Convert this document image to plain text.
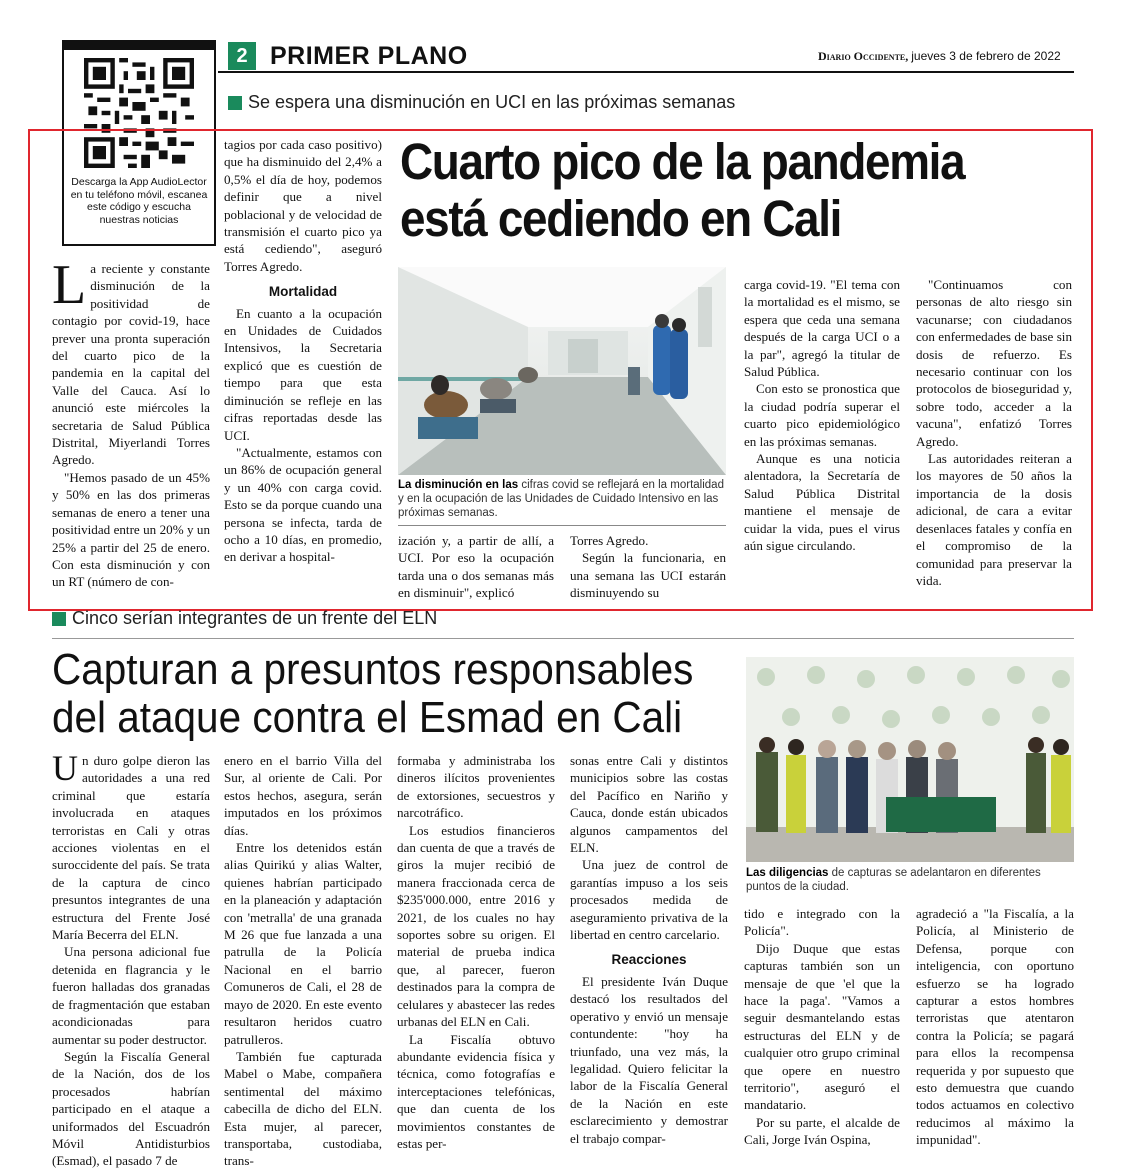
2 PRIMER PLANO	Diario Occidente, jueves 3 de febrero de 2022
Descarga la App AudioLector en tu teléfono móvil, escanea este código y escucha nuestras noticias
Se espera una disminución en UCI en las próximas semanas
Cuarto pico de la pandemia
está cediendo en Cali
L a reciente y constante disminución de la positividad de contagio por covid-19, hace prever una pronta superación del cuarto pico de la pandemia en la capital del Valle del Cauca. Así lo anunció este miércoles la secretaria de Salud Pública Distrital, Miyerlandi Torres Agredo.

"Hemos pasado de un 45% y 50% en las dos primeras semanas de enero a tener una positividad entre un 20% y un 25% a partir del 25 de enero. Con esta disminución y con un RT (número de con-

tagios por cada caso positivo) que ha disminuido del 2,4% a 0,5% el día de hoy, podemos definir que a nivel poblacional y de velocidad de transmisión el cuarto pico ya está cediendo", aseguró Torres Agredo.

Mortalidad

En cuanto a la ocupación en Unidades de Cuidados Intensivos, la Secretaria explicó que es cuestión de tiempo para que esta diminución se refleje en las cifras reportadas desde las UCI.

"Actualmente, estamos con un 86% de ocupación general y un 40% con carga covid. Esto se da porque cuando una persona se infecta, tarda de ocho a 10 días, en promedio, en derivar a hospital-

La disminución en las cifras covid se reflejará en la mortalidad y en la ocupación de las Unidades de Cuidado Intensivo en las próximas semanas.

ización y, a partir de allí, a UCI. Por eso la ocupación tarda una o dos semanas más en disminuir", explicó

Torres Agredo.

Según la funcionaria, en una semana las UCI estarán disminuyendo su

carga covid-19. "El tema con la mortalidad es el mismo, se espera que ceda una semana después de la carga UCI o a la par", agregó la titular de Salud Pública.

Con esto se pronostica que la ciudad podría superar el cuarto pico epidemiológico en las próximas semanas.

Aunque es una noticia alentadora, la Secretaría de Salud Pública Distrital mantiene el mensaje de cuidar la vida, pues el virus aún sigue circulando.

"Continuamos con personas de alto riesgo sin vacunarse; con ciudadanos con enfermedades de base sin dosis de refuerzo. Es necesario continuar con los protocolos de bioseguridad y, sobre todo, acceder a la vacuna", enfatizó Torres Agredo.

Las autoridades reiteran a los mayores de 50 años la importancia de la dosis adicional, de cara a evitar desenlaces fatales y confía en el compromiso de la comunidad para preservar la vida.

Cinco serían integrantes de un frente del ELN
Capturan a presuntos responsables
del ataque contra el Esmad en Cali
Las diligencias de capturas se adelantaron en diferentes puntos de la ciudad.
U n duro golpe dieron las autoridades a una red criminal que estaría involucrada en ataques terroristas en Cali y otras acciones violentas en el suroccidente del país. Se trata de la captura de cinco presuntos integrantes de una estructura del Frente José María Becerra del ELN.

Una persona adicional fue detenida en flagrancia y le fueron halladas dos granadas de fragmentación que estaban acondicionadas para aumentar su poder destructor.

Según la Fiscalía General de la Nación, dos de los procesados habrían participado en el ataque a uniformados del Escuadrón Móvil Antidisturbios (Esmad), el pasado 7 de

enero en el barrio Villa del Sur, al oriente de Cali. Por estos hechos, asegura, serán imputados en los próximos días.

Entre los detenidos están alias Quirikú y alias Walter, quienes habrían participado en la planeación y adaptación con 'metralla' de una granada M 26 que fue lanzada a una patrulla de la Policía Nacional en el barrio Comuneros de Cali, el 28 de mayo de 2020. En este evento resultaron heridos cuatro patrulleros.

También fue capturada Mabel o Mabe, compañera sentimental del máximo cabecilla de dicho del ELN. Esta mujer, al parecer, transportaba, custodiaba, trans-

formaba y administraba los dineros ilícitos provenientes de extorsiones, secuestros y narcotráfico.

Los estudios financieros dan cuenta de que a través de giros la mujer recibió de manera fraccionada cerca de $235'000.000, entre 2016 y 2021, de los cuales no hay soportes sobre su origen. El material de prueba indica que, al parecer, fueron destinados para la compra de celulares y abastecer las redes urbanas del ELN en Cali.

La Fiscalía obtuvo abundante evidencia física y técnica, como fotografías e interceptaciones telefónicas, que dan cuenta de los movimientos constantes de estas per-

sonas entre Cali y distintos municipios sobre las costas del Pacífico en Nariño y Cauca, donde están ubicados algunos campamentos del ELN.

Una juez de control de garantías impuso a los seis procesados medida de aseguramiento privativa de la libertad en centro carcelario.

Reacciones

El presidente Iván Duque destacó los resultados del operativo y envió un mensaje contundente: "hoy ha triunfado, una vez más, la legalidad. Quiero felicitar la labor de la Fiscalía General de la Nación en este esclarecimiento y demostrar el trabajo compar-

tido e integrado con la Policía".

Dijo Duque que estas capturas también son un mensaje de que 'el que la hace la paga'. "Vamos a seguir desmantelando estas estructuras del ELN y de cualquier otro grupo criminal que opere en nuestro territorio", aseguró el mandatario.

Por su parte, el alcalde de Cali, Jorge Iván Ospina,

agradeció a "la Fiscalía, a la Policía, al Ministerio de Defensa, porque con inteligencia, con oportuno esfuerzo se ha logrado capturar a estos hombres terroristas que atentaron contra la Policía; se pagará para ellos la recompensa requerida y por supuesto que esto demuestra que cuando todos actuamos en colectivo reducimos al máximo la impunidad".
